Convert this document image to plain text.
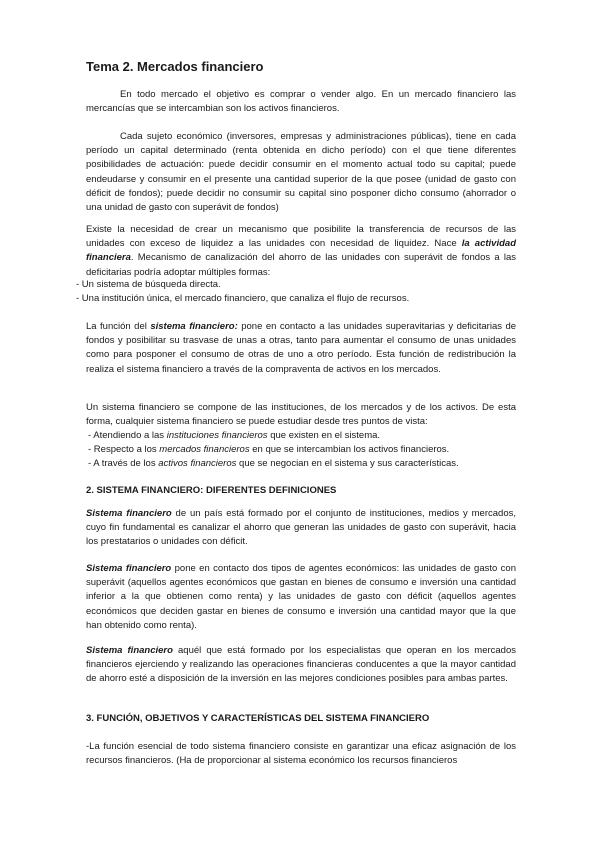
Tema 2. Mercados financiero

En todo mercado el objetivo es comprar o vender algo. En un mercado financiero las mercancías que se intercambian son los activos financieros.

Cada sujeto económico (inversores, empresas y administraciones públicas), tiene en cada período un capital determinado (renta obtenida en dicho período) con el que tiene diferentes posibilidades de actuación: puede decidir consumir en el momento actual todo su capital; puede endeudarse y consumir en el presente una cantidad superior de la que posee (unidad de gasto con déficit de fondos); puede decidir no consumir su capital sino posponer dicho consumo (ahorrador o una unidad de gasto con superávit de fondos)

Existe la necesidad de crear un mecanismo que posibilite la transferencia de recursos de las unidades con exceso de liquidez a las unidades con necesidad de liquidez. Nace la actividad financiera. Mecanismo de canalización del ahorro de las unidades con superávit de fondos a las deficitarias podría adoptar múltiples formas:

- Un sistema de búsqueda directa.
- Una institución única, el mercado financiero, que canaliza el flujo de recursos.

La función del sistema financiero: pone en contacto a las unidades superavitarias y deficitarias de fondos y posibilitar su trasvase de unas a otras, tanto para aumentar el consumo de unas unidades como para posponer el consumo de otras de uno a otro período. Esta función de redistribución la realiza el sistema financiero a través de la compraventa de activos en los mercados.

Un sistema financiero se compone de las instituciones, de los mercados y de los activos. De esta forma, cualquier sistema financiero se puede estudiar desde tres puntos de vista:

- Atendiendo a las instituciones financieros que existen en el sistema.
- Respecto a los mercados financieros en que se intercambian los activos financieros.
- A través de los activos financieros que se negocian en el sistema y sus características.
2. SISTEMA FINANCIERO: DIFERENTES DEFINICIONES

Sistema financiero de un país está formado por el conjunto de instituciones, medios y mercados, cuyo fin fundamental es canalizar el ahorro que generan las unidades de gasto con superávit, hacia los prestatarios o unidades con déficit.

Sistema financiero pone en contacto dos tipos de agentes económicos: las unidades de gasto con superávit (aquellos agentes económicos que gastan en bienes de consumo e inversión una cantidad inferior a la que obtienen como renta) y las unidades de gasto con déficit (aquellos agentes económicos que deciden gastar en bienes de consumo e inversión una cantidad mayor que la que han obtenido como renta).

Sistema financiero aquél que está formado por los especialistas que operan en los mercados financieros ejerciendo y realizando las operaciones financieras conducentes a que la mayor cantidad de ahorro esté a disposición de la inversión en las mejores condiciones posibles para ambas partes.

3. FUNCIÓN, OBJETIVOS Y CARACTERÍSTICAS DEL SISTEMA FINANCIERO

-La función esencial de todo sistema financiero consiste en garantizar una eficaz asignación de los recursos financieros. (Ha de proporcionar al sistema económico los recursos financieros
